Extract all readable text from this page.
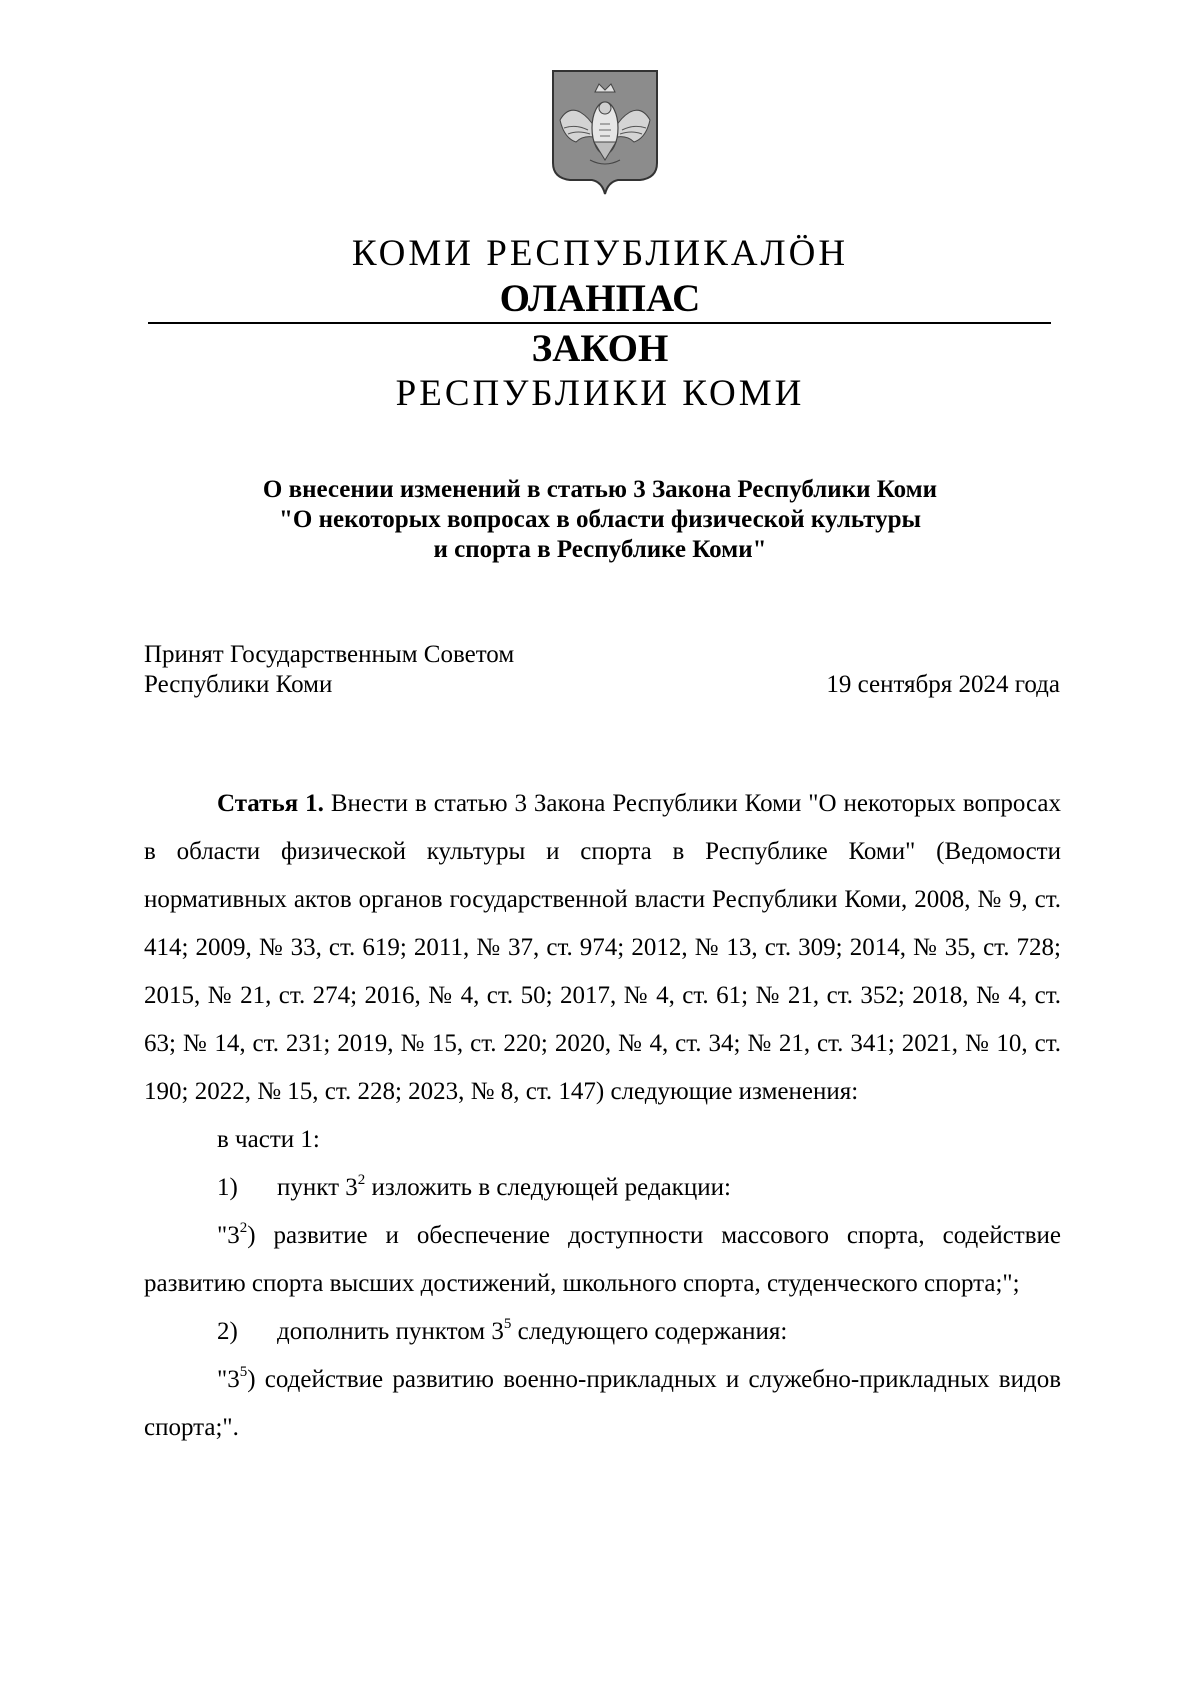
КОМИ РЕСПУБЛИКАЛÖН
ОЛАНПАС
ЗАКОН
РЕСПУБЛИКИ КОМИ
О внесении изменений в статью 3 Закона Республики Коми
"О некоторых вопросах в области физической культуры
и спорта в Республике Коми"
Принят Государственным Советом
Республики Коми	19 сентября 2024 года

Статья 1. Внести в статью 3 Закона Республики Коми "О некоторых вопросах в области физической культуры и спорта в Республике Коми" (Ведомости нормативных актов органов государственной власти Республики Коми, 2008, № 9, ст. 414; 2009, № 33, ст. 619; 2011, № 37, ст. 974; 2012, № 13, ст. 309; 2014, № 35, ст. 728; 2015, № 21, ст. 274; 2016, № 4, ст. 50; 2017, № 4, ст. 61; № 21, ст. 352; 2018, № 4, ст. 63; № 14, ст. 231; 2019, № 15, ст. 220; 2020, № 4, ст. 34; № 21, ст. 341; 2021, № 10, ст. 190; 2022, № 15, ст. 228; 2023, № 8, ст. 147) следующие изменения:

в части 1:

1) пункт $3^2$ изложить в следующей редакции:

"$3^2$) развитие и обеспечение доступности массового спорта, содействие развитию спорта высших достижений, школьного спорта, студенческого спорта;";

2) дополнить пунктом $3^5$ следующего содержания:

"$3^5$) содействие развитию военно-прикладных и служебно-прикладных видов спорта;".
